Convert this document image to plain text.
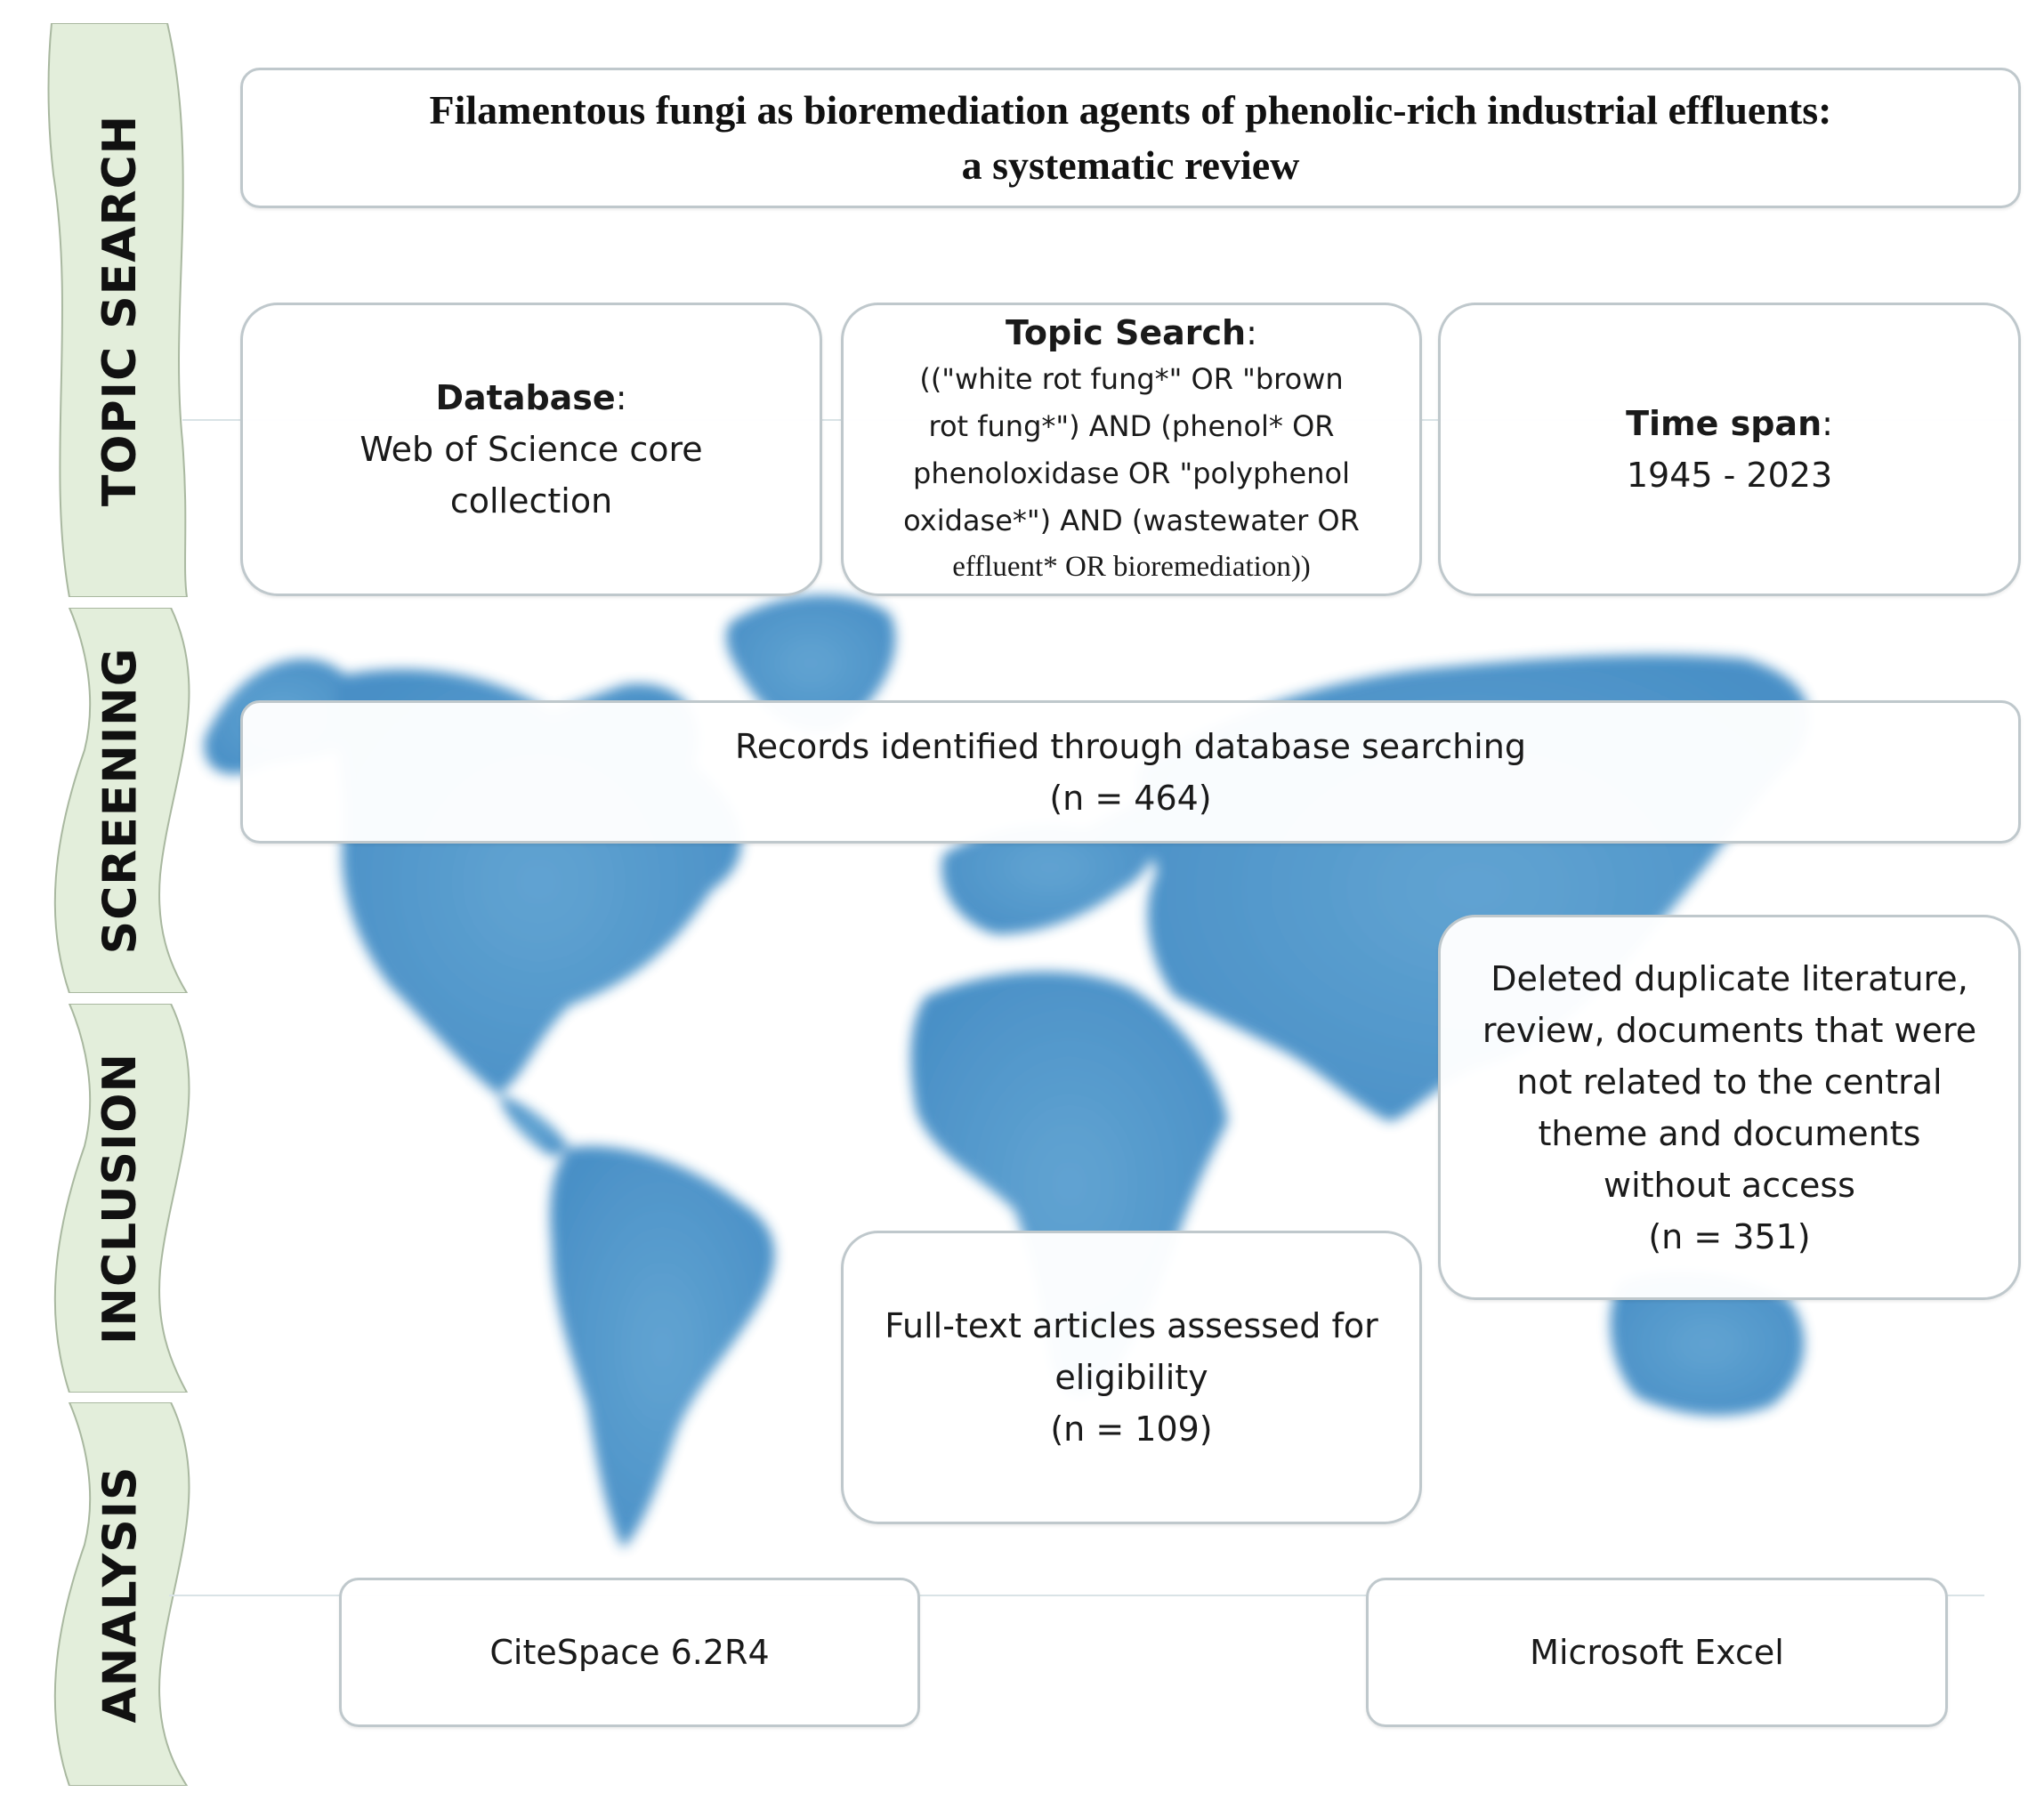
TOPIC SEARCH
SCREENING
INCLUSION
ANALYSIS
Filamentous fungi as bioremediation agents of phenolic-rich industrial effluents:
a systematic review
Database:
Web of Science core
collection
Topic Search:
(("white rot fung*" OR "brown
rot fung*") AND (phenol* OR
phenoloxidase OR "polyphenol
oxidase*") AND (wastewater OR
effluent* OR bioremediation))
Time span:
1945 - 2023
Records identified through database searching
(n = 464)
Deleted duplicate literature,
review, documents that were
not related to the central
theme and documents
without access
(n = 351)
Full-text articles assessed for
eligibility
(n = 109)
CiteSpace 6.2R4	Microsoft Excel
